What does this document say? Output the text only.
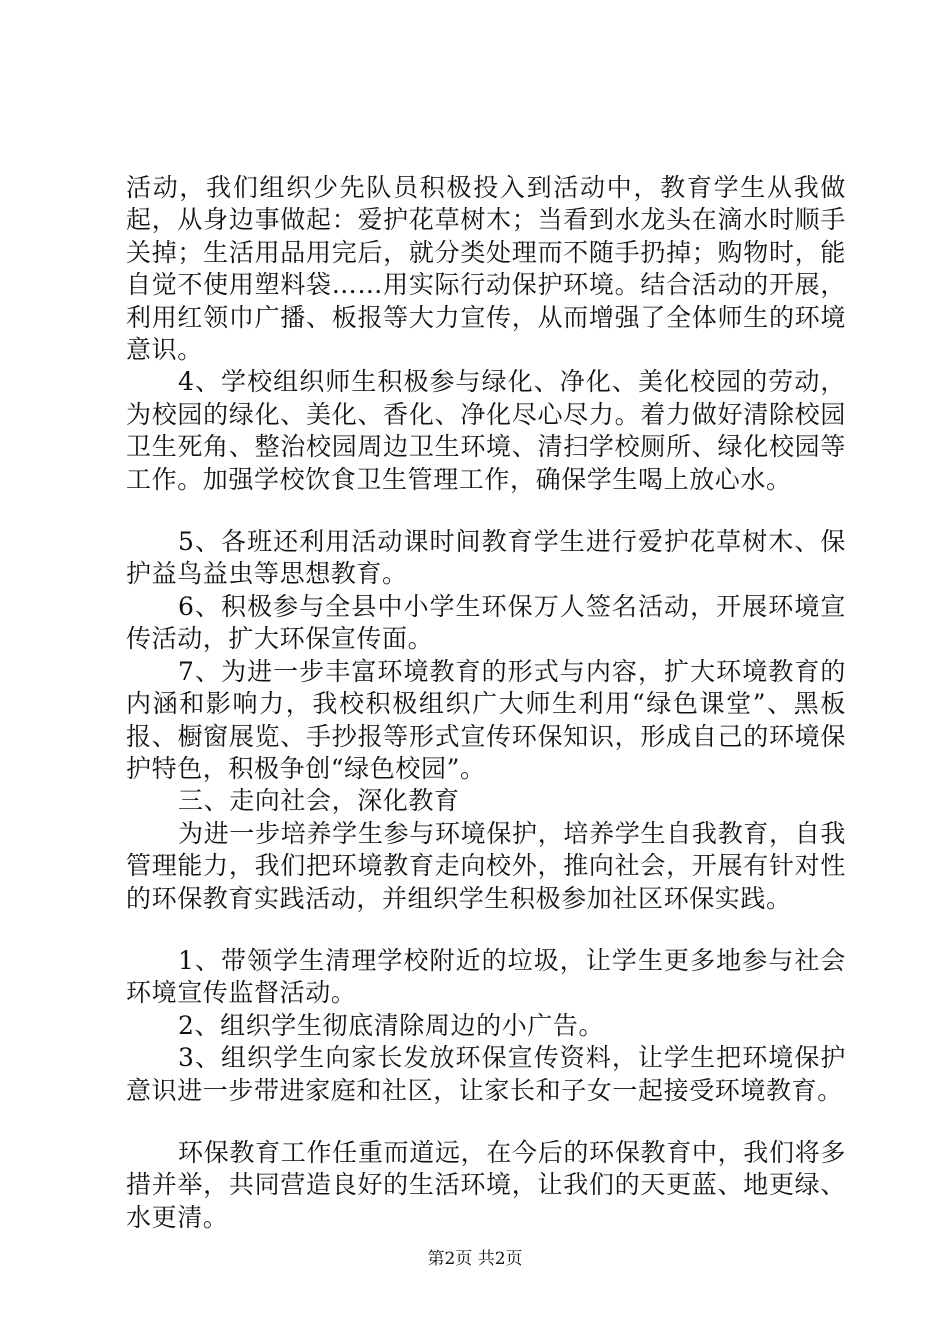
活动，我们组织少先队员积极投入到活动中，教育学生从我做起，从身边事做起：爱护花草树木；当看到水龙头在滴水时顺手关掉；生活用品用完后，就分类处理而不随手扔掉；购物时，能自觉不使用塑料袋……用实际行动保护环境。结合活动的开展，利用红领巾广播、板报等大力宣传，从而增强了全体师生的环境意识。

4、学校组织师生积极参与绿化、净化、美化校园的劳动，为校园的绿化、美化、香化、净化尽心尽力。着力做好清除校园卫生死角、整治校园周边卫生环境、清扫学校厕所、绿化校园等工作。加强学校饮食卫生管理工作，确保学生喝上放心水。

5、各班还利用活动课时间教育学生进行爱护花草树木、保护益鸟益虫等思想教育。

6、积极参与全县中小学生环保万人签名活动，开展环境宣传活动，扩大环保宣传面。

7、为进一步丰富环境教育的形式与内容，扩大环境教育的内涵和影响力，我校积极组织广大师生利用“绿色课堂”、黑板报、橱窗展览、手抄报等形式宣传环保知识，形成自己的环境保护特色，积极争创“绿色校园”。

三、走向社会，深化教育

为进一步培养学生参与环境保护，培养学生自我教育，自我管理能力，我们把环境教育走向校外，推向社会，开展有针对性的环保教育实践活动，并组织学生积极参加社区环保实践。

1、带领学生清理学校附近的垃圾，让学生更多地参与社会环境宣传监督活动。

2、组织学生彻底清除周边的小广告。

3、组织学生向家长发放环保宣传资料，让学生把环境保护意识进一步带进家庭和社区，让家长和子女一起接受环境教育。

环保教育工作任重而道远，在今后的环保教育中，我们将多措并举，共同营造良好的生活环境，让我们的天更蓝、地更绿、水更清。

第2页 共2页
